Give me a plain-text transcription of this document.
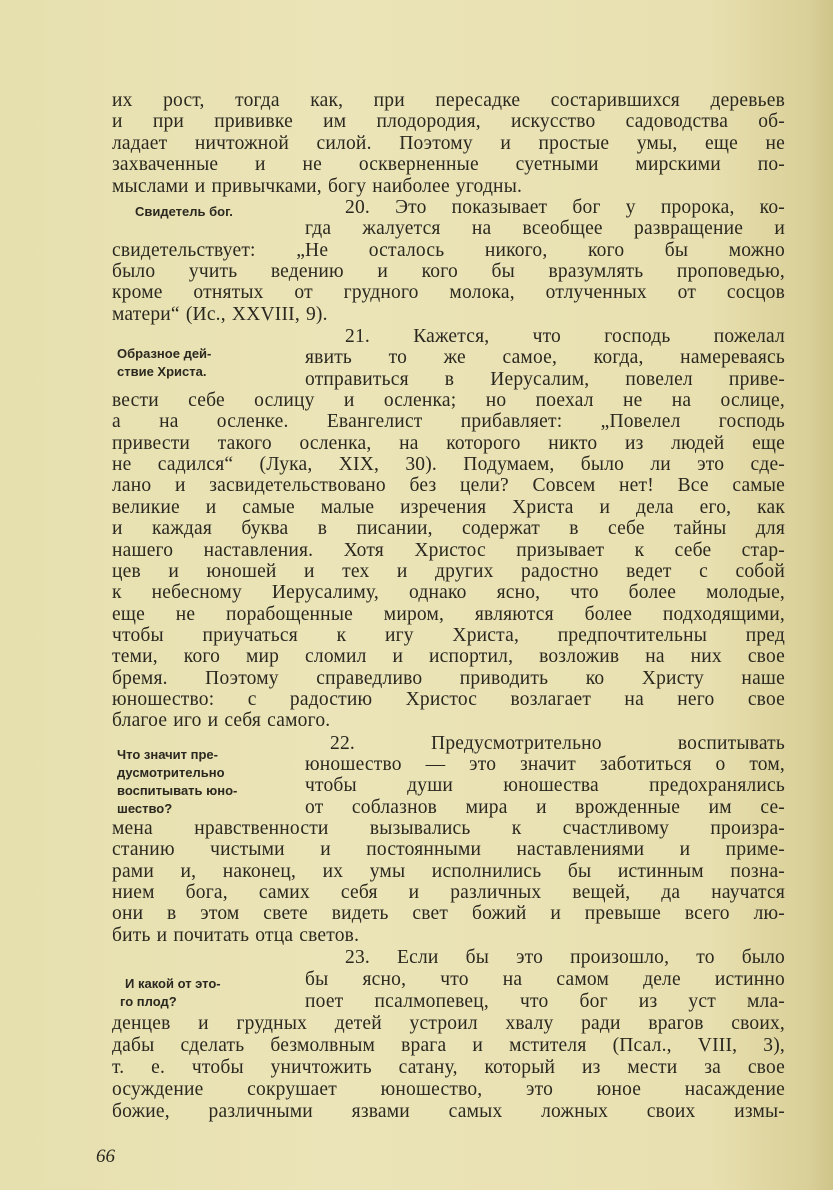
их рост, тогда как, при пересадке состарившихся деревьев
и при прививке им плодородия, искусство садоводства об-
ладает ничтожной силой. Поэтому и простые умы, еще не
захваченные и не оскверненные суетными мирскими по-
мыслами и привычками, богу наиболее угодны.
Свидетель бог.	20. Это показывает бог у пророка, ко-
гда жалуется на всеобщее развращение и
свидетельствует: „Не осталось никого, кого бы можно
было учить ведению и кого бы вразумлять проповедью,
кроме отнятых от грудного молока, отлученных от сосцов
матери“ (Ис., XXVIII, 9).
Образное дей-
ствие Христа.
21. Кажется, что господь пожелал
явить то же самое, когда, намереваясь
отправиться в Иерусалим, повелел приве-
вести себе ослицу и осленка; но поехал не на ослице,
а на осленке. Евангелист прибавляет: „Повелел господь
привести такого осленка, на которого никто из людей еще
не садился“ (Лука, XIX, 30). Подумаем, было ли это сде-
лано и засвидетельствовано без цели? Совсем нет! Все самые
великие и самые малые изречения Христа и дела его, как
и каждая буква в писании, содержат в себе тайны для
нашего наставления. Хотя Христос призывает к себе стар-
цев и юношей и тех и других радостно ведет с собой
к небесному Иерусалиму, однако ясно, что более молодые,
еще не порабощенные миром, являются более подходящими,
чтобы приучаться к игу Христа, предпочтительны пред
теми, кого мир сломил и испортил, возложив на них свое
бремя. Поэтому справедливо приводить ко Христу наше
юношество: с радостию Христос возлагает на него свое
благое иго и себя самого.
Что значит пре-
дусмотрительно
воспитывать юно-
шество?
22. Предусмотрительно воспитывать
юношество — это значит заботиться о том,
чтобы души юношества предохранялись
от соблазнов мира и врожденные им се-
мена нравственности вызывались к счастливому произра-
станию чистыми и постоянными наставлениями и приме-
рами и, наконец, их умы исполнились бы истинным позна-
нием бога, самих себя и различных вещей, да научатся
они в этом свете видеть свет божий и превыше всего лю-
бить и почитать отца светов.
И какой от это-
го плод?
23. Если бы это произошло, то было
бы ясно, что на самом деле истинно
поет псалмопевец, что бог из уст мла-
денцев и грудных детей устроил хвалу ради врагов своих,
дабы сделать безмолвным врага и мстителя (Псал., VIII, 3),
т. е. чтобы уничтожить сатану, который из мести за свое
осуждение сокрушает юношество, это юное насаждение
божие, различными язвами самых ложных своих измы-
66
